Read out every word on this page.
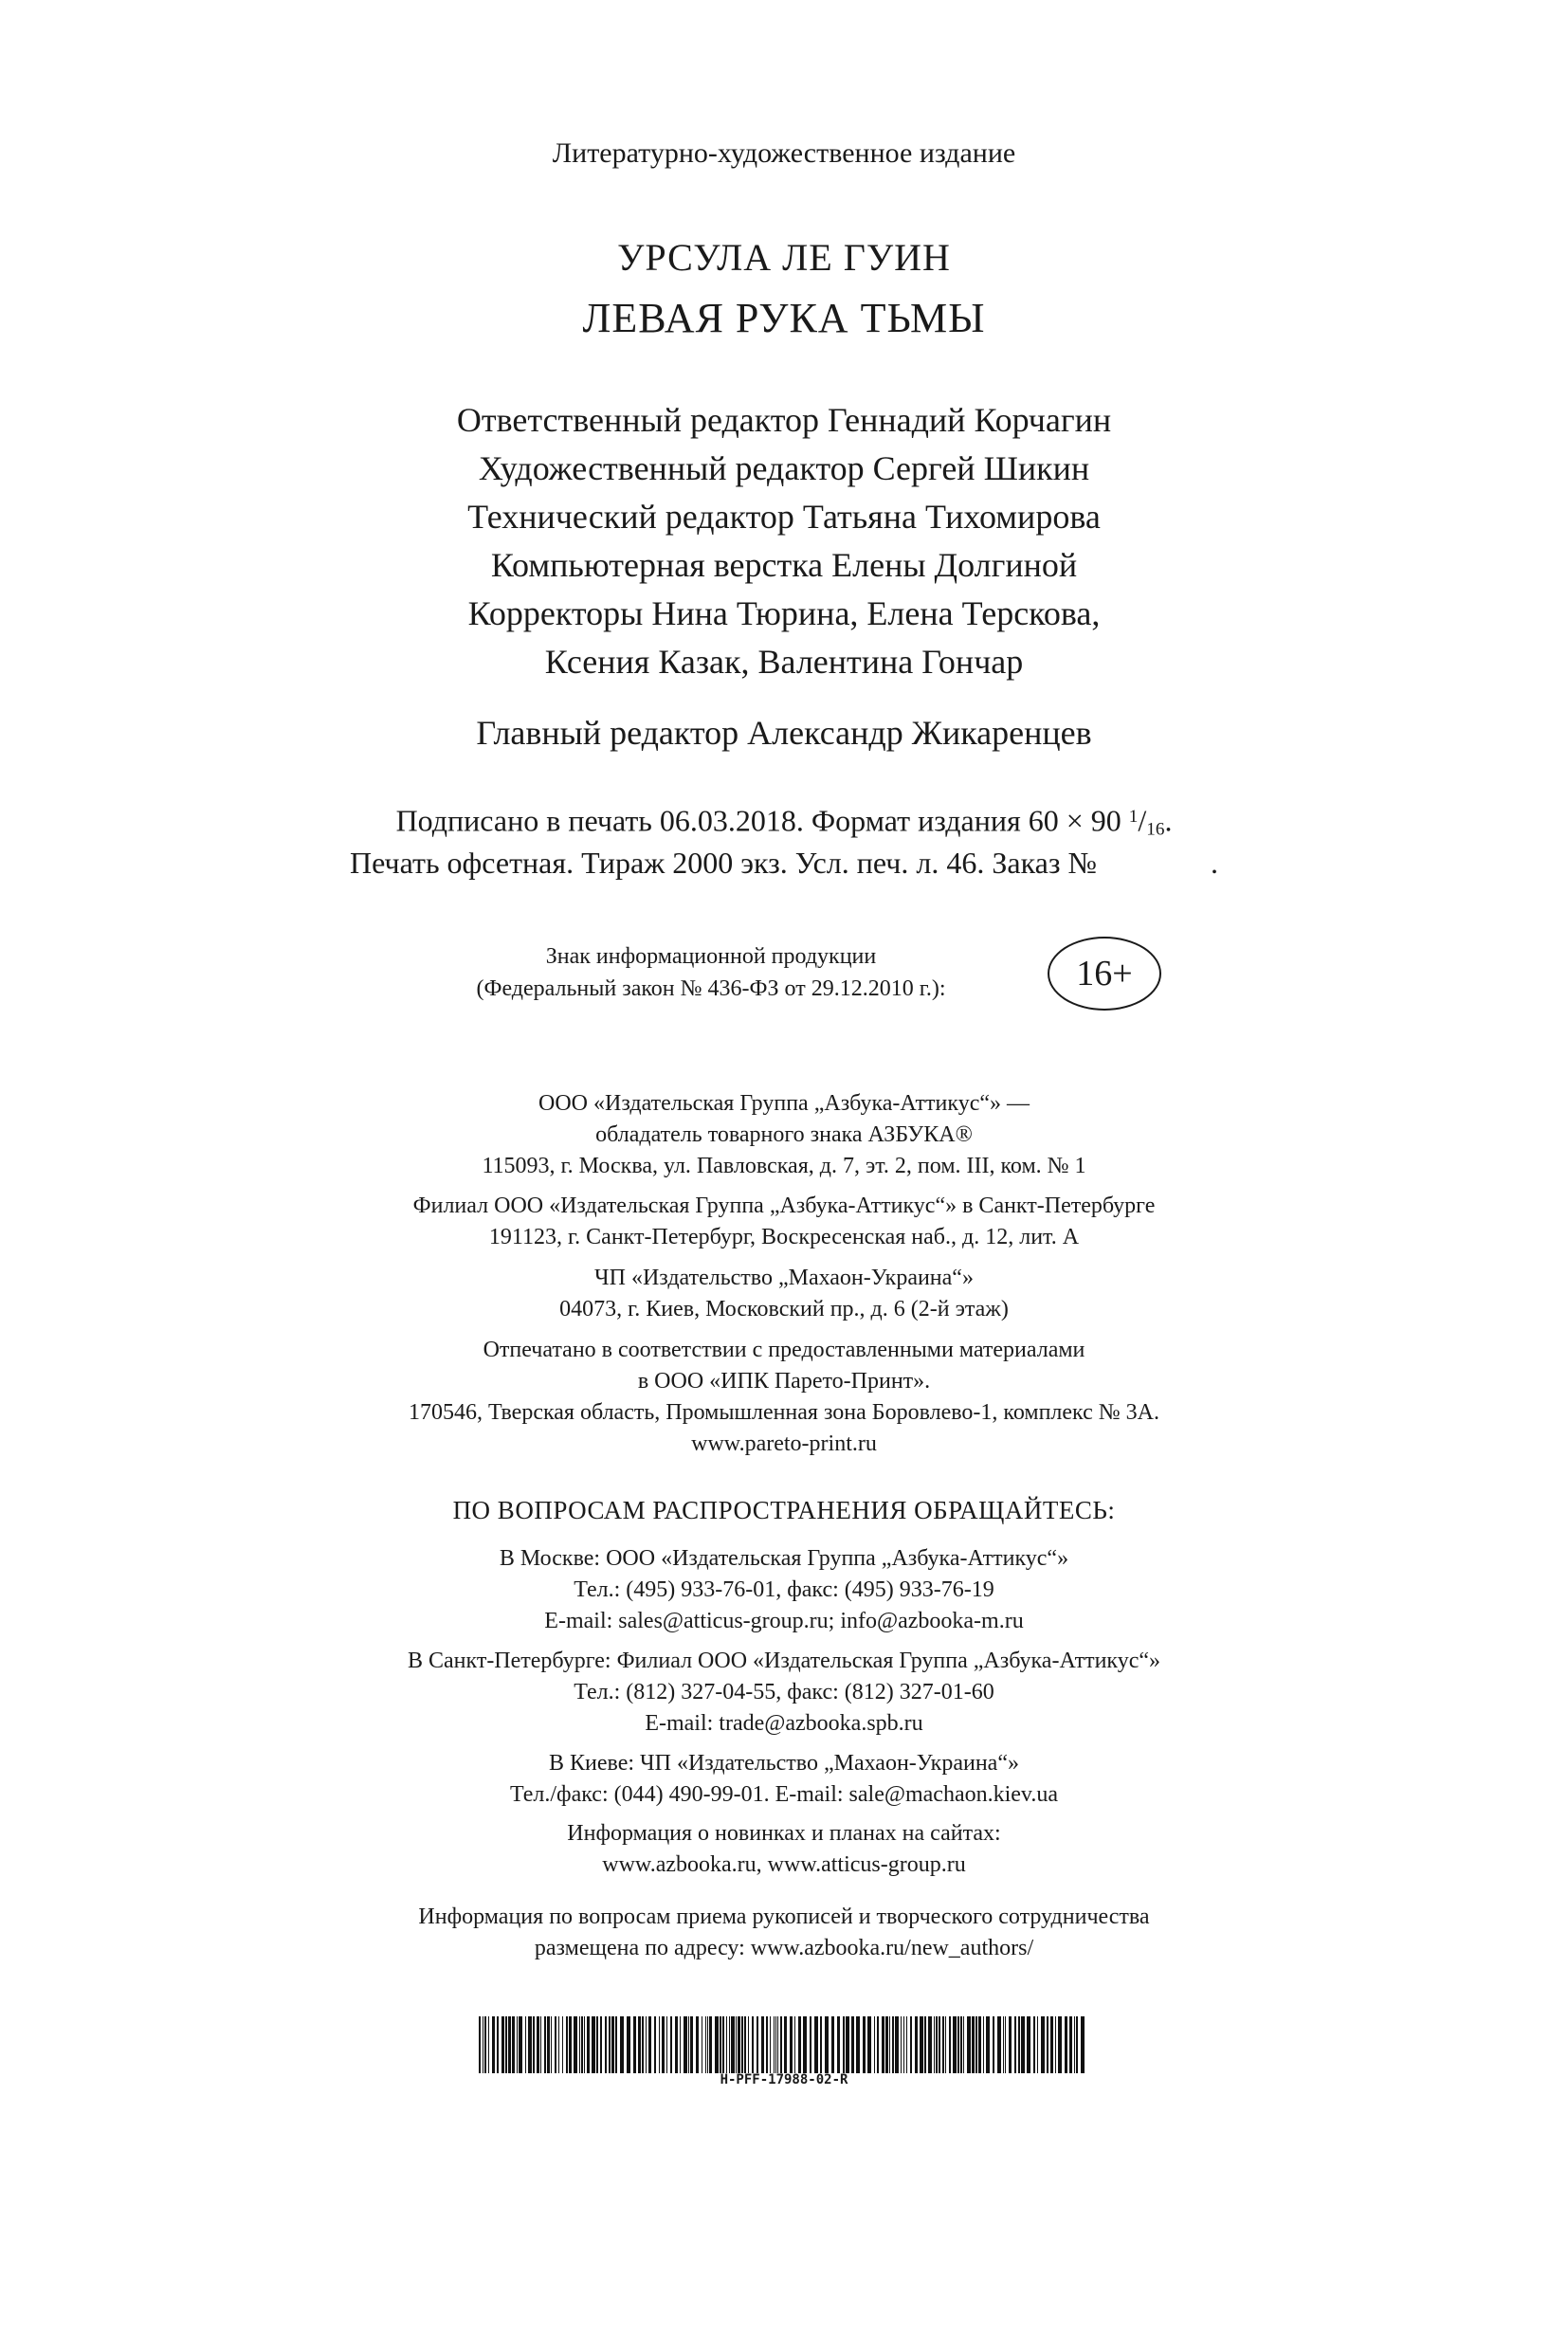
Литературно-художественное издание
УРСУЛА ЛЕ ГУИН
ЛЕВАЯ РУКА ТЬМЫ
Ответственный редактор Геннадий Корчагин
Художественный редактор Сергей Шикин
Технический редактор Татьяна Тихомирова
Компьютерная верстка Елены Долгиной
Корректоры Нина Тюрина, Елена Терскова,
Ксения Казак, Валентина Гончар
Главный редактор Александр Жикаренцев
Подписано в печать 06.03.2018. Формат издания 60 × 90 $^1/_{16}$.
Печать офсетная. Тираж 2000 экз. Усл. печ. л. 46. Заказ №	.
Знак информационной продукции
(Федеральный закон № 436-ФЗ от 29.12.2010 г.):	16+
ООО «Издательская Группа „Азбука-Аттикус“» —
обладатель товарного знака АЗБУКА®
115093, г. Москва, ул. Павловская, д. 7, эт. 2, пом. III, ком. № 1
Филиал ООО «Издательская Группа „Азбука-Аттикус“» в Санкт-Петербурге
191123, г. Санкт-Петербург, Воскресенская наб., д. 12, лит. А
ЧП «Издательство „Махаон-Украина“»
04073, г. Киев, Московский пр., д. 6 (2-й этаж)
Отпечатано в соответствии с предоставленными материалами
в ООО «ИПК Парето-Принт».
170546, Тверская область, Промышленная зона Боровлево-1, комплекс № 3А.
www.pareto-print.ru
ПО ВОПРОСАМ РАСПРОСТРАНЕНИЯ ОБРАЩАЙТЕСЬ:
В Москве: ООО «Издательская Группа „Азбука-Аттикус“»
Тел.: (495) 933-76-01, факс: (495) 933-76-19
E-mail: sales@atticus-group.ru; info@azbooka-m.ru
В Санкт-Петербурге: Филиал ООО «Издательская Группа „Азбука-Аттикус“»
Тел.: (812) 327-04-55, факс: (812) 327-01-60
E-mail: trade@azbooka.spb.ru
В Киеве: ЧП «Издательство „Махаон-Украина“»
Тел./факс: (044) 490-99-01. E-mail: sale@machaon.kiev.ua
Информация о новинках и планах на сайтах:
www.azbooka.ru, www.atticus-group.ru
Информация по вопросам приема рукописей и творческого сотрудничества
размещена по адресу: www.azbooka.ru/new_authors/
Н-PFF-17988-02-R
